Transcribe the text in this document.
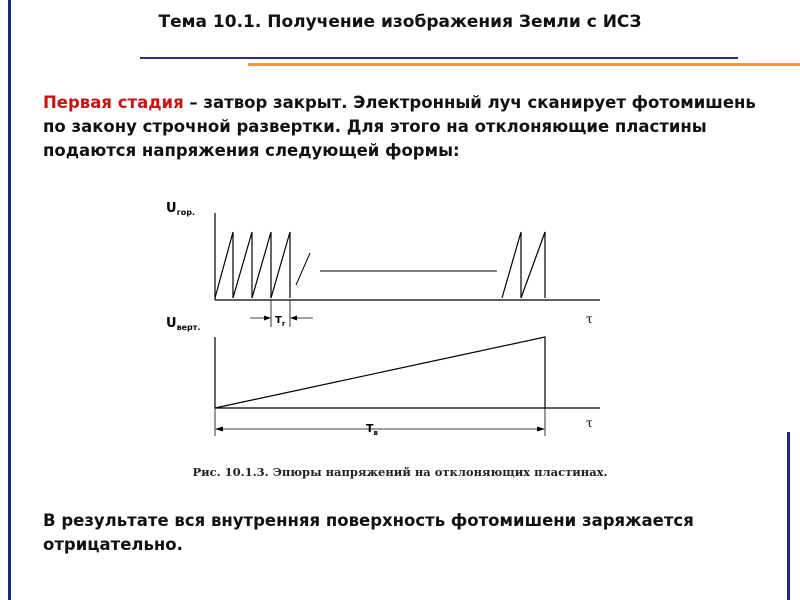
Тема 10.1. Получение изображения Земли с ИСЗ

Первая стадия – затвор закрыт. Электронный луч сканирует фотомишень по закону строчной развертки. Для этого на отклоняющие пластины подаются напряжения следующей формы:

$U_{гор.}$
τ
$T_г$
$U_{верт.}$
τ
$T_в$

Рис. 10.1.3. Эпюры напряжений на отклоняющих пластинах.

В результате вся внутренняя поверхность фотомишени заряжается отрицательно.
